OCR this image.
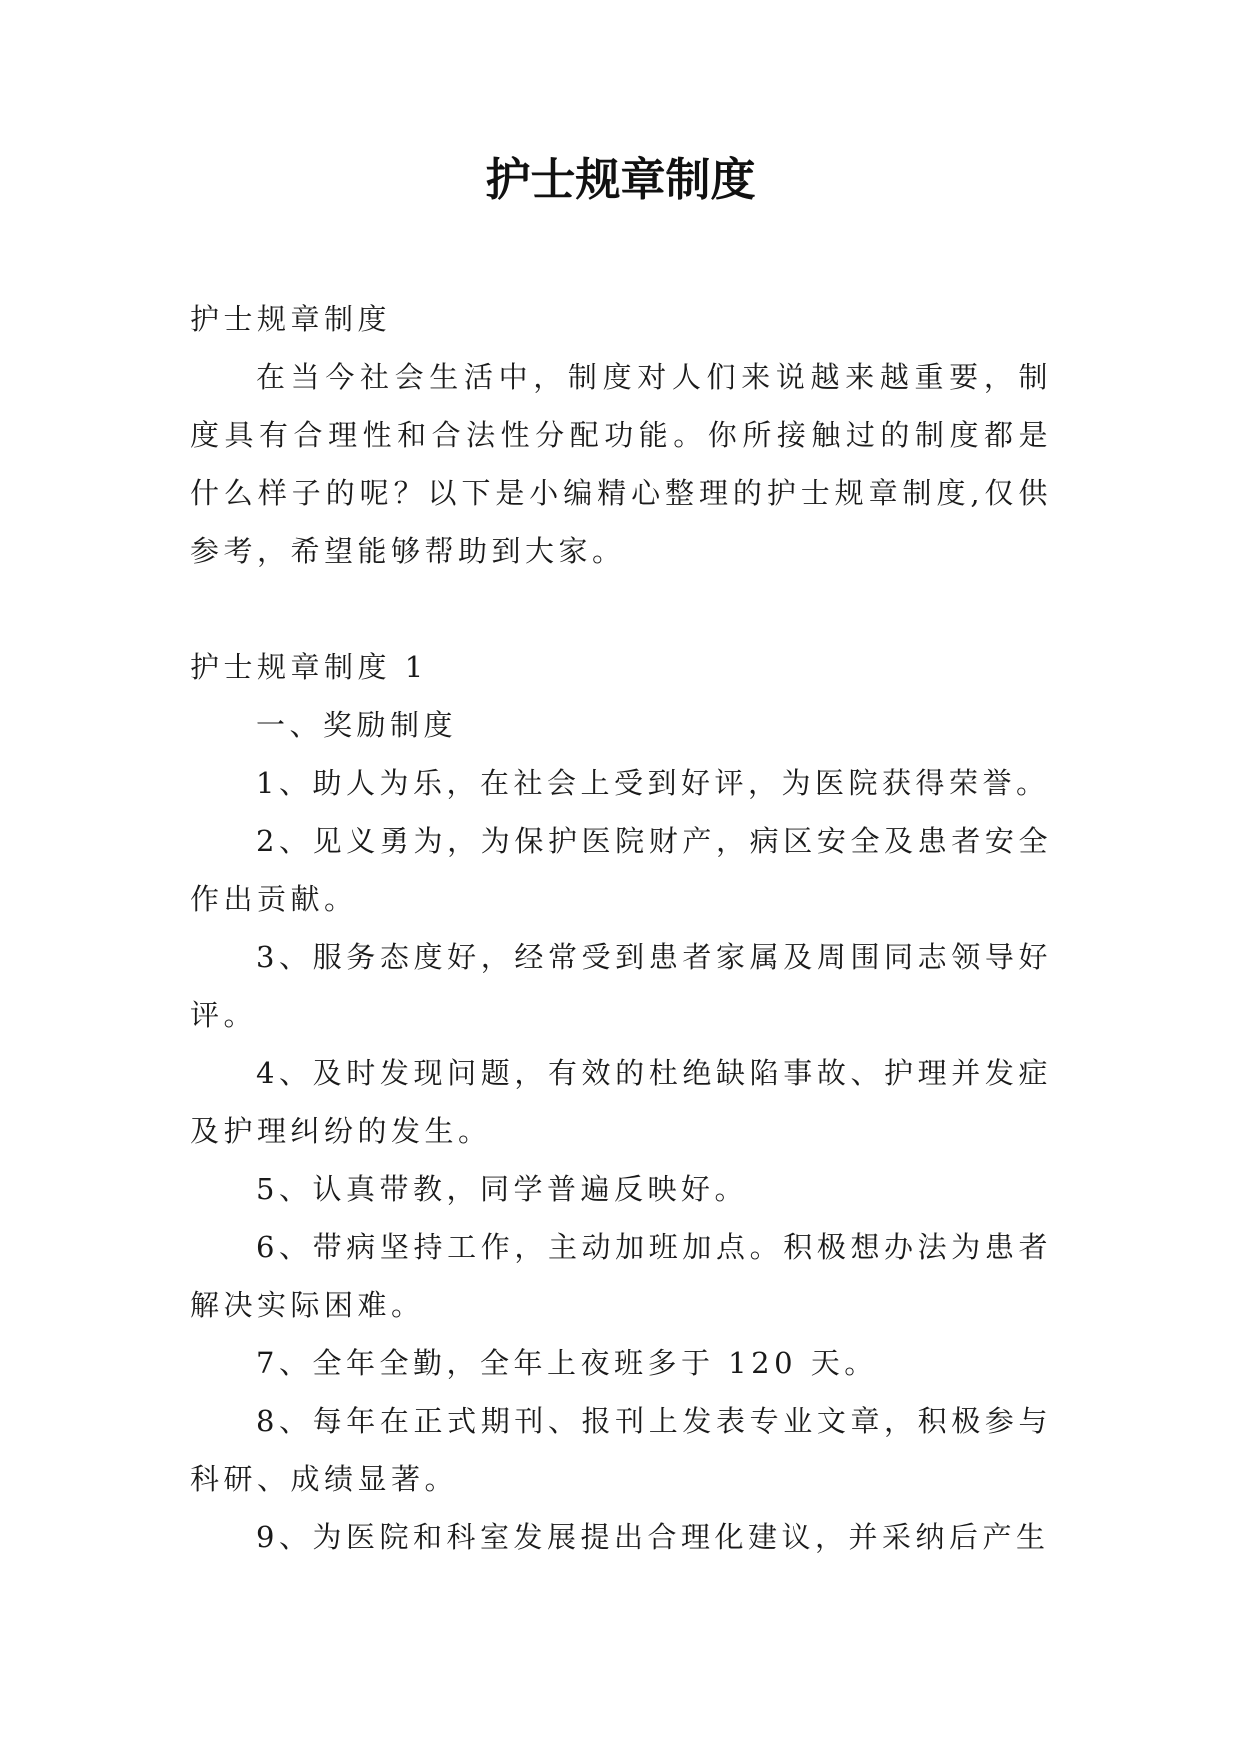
护士规章制度

护士规章制度

在当今社会生活中，制度对人们来说越来越重要，制度具有合理性和合法性分配功能。你所接触过的制度都是什么样子的呢？以下是小编精心整理的护士规章制度,仅供参考，希望能够帮助到大家。

护士规章制度 1

一、奖励制度

1、助人为乐，在社会上受到好评，为医院获得荣誉。

2、见义勇为，为保护医院财产，病区安全及患者安全作出贡献。

3、服务态度好，经常受到患者家属及周围同志领导好评。

4、及时发现问题，有效的杜绝缺陷事故、护理并发症及护理纠纷的发生。

5、认真带教，同学普遍反映好。

6、带病坚持工作，主动加班加点。积极想办法为患者解决实际困难。

7、全年全勤，全年上夜班多于 120 天。

8、每年在正式期刊、报刊上发表专业文章，积极参与科研、成绩显著。

9、为医院和科室发展提出合理化建议，并采纳后产生
